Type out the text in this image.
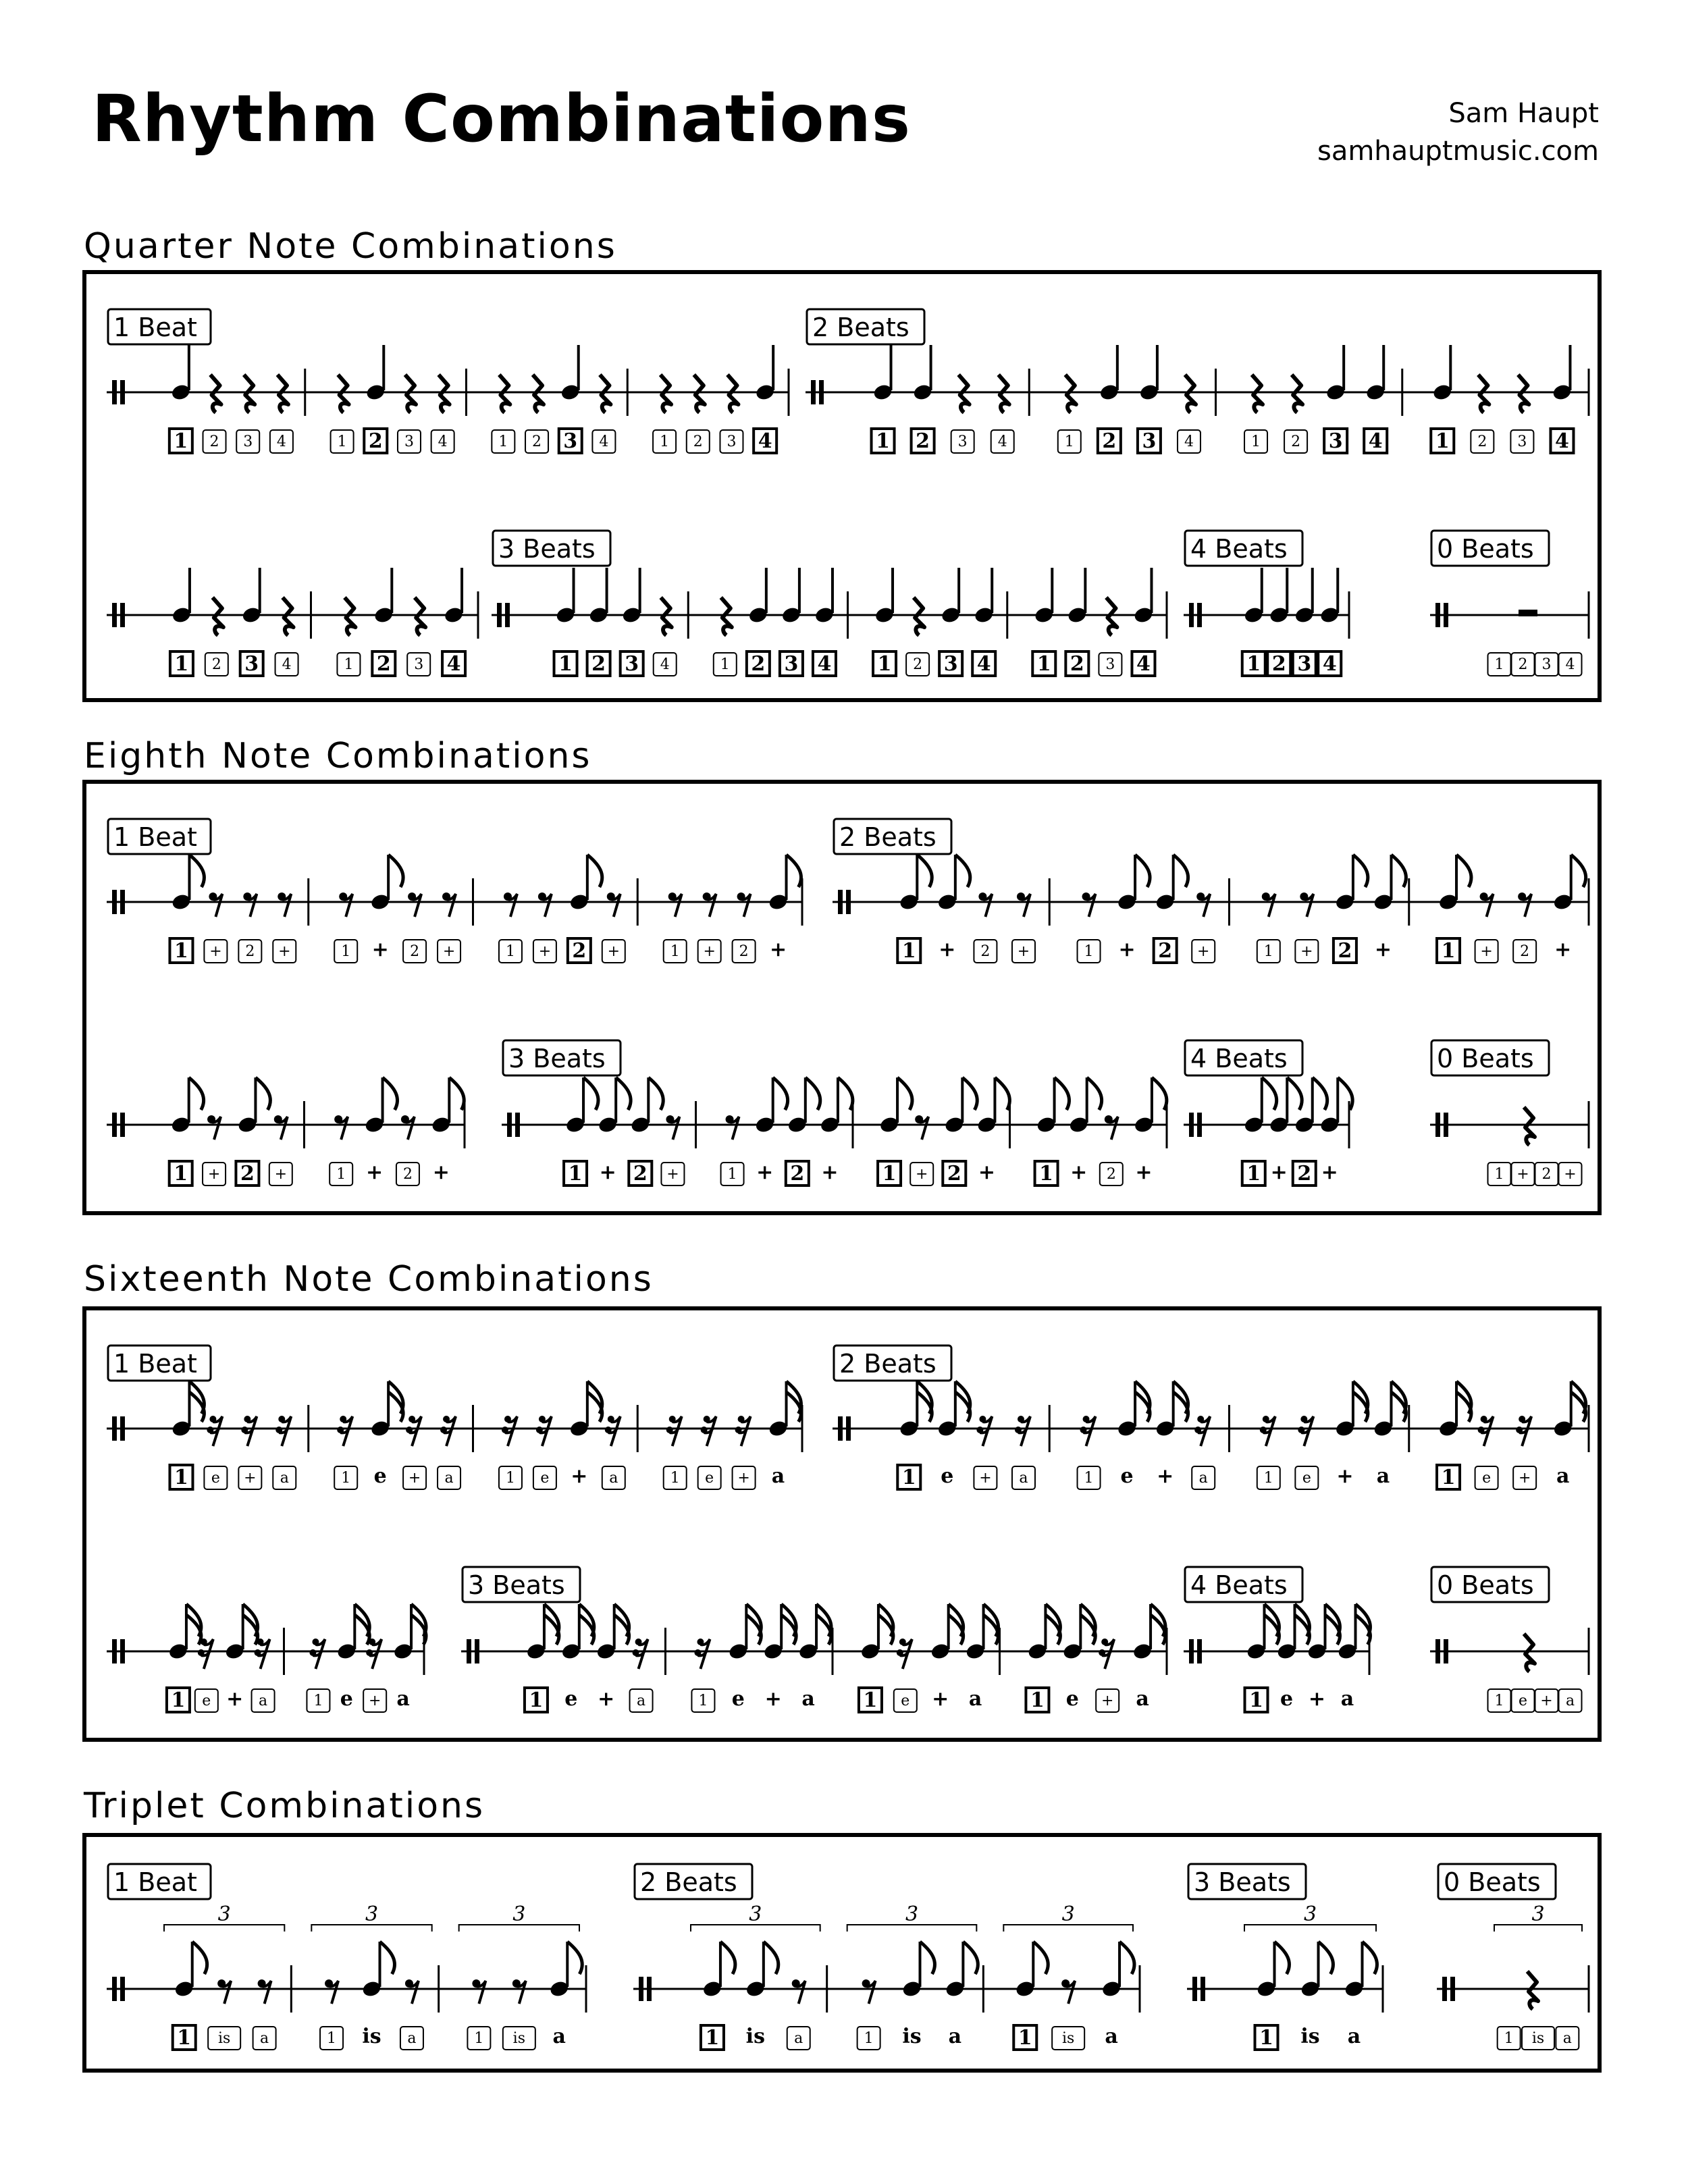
Rhythm Combinations	Sam Haupt
samhauptmusic.com
Quarter Note Combinations
1 Beat
1 2 3 4	1 2 3 4	1 2 3 4	1 2 3 4
2 Beats
1 2 3 4	1 2 3 4	1 2 3 4	1 2 3 4
1 2 3 4	1 2 3 4
3 Beats
1 2 3 4	1 2 3 4 1 2 3 4 1 2 3 4
4 Beats
1 2 3 4
0 Beats
1 2 3 4
Eighth Note Combinations
1 Beat
1 + 2 +	1 + 2 +	1 + 2 +	1 + 2 +
2 Beats
1 + 2 +	1 + 2 +	1 + 2 + 1 + 2 +
1 + 2 +	1 + 2 +
3 Beats
1 + 2 +	1 + 2 + 1 + 2 + 1 + 2 +
4 Beats
1 + 2 +
0 Beats
1 + 2 +
Sixteenth Note Combinations
1 Beat
1 e + a	1 e + a	1 e + a	1 e + a
2 Beats
1 e + a	1 e + a	1 e + a	1 e + a
1 e + a	1 e + a
3 Beats
1 e + a	1 e + a 1 e + a 1 e + a
4 Beats
1 e + a
0 Beats
1 e + a
Triplet Combinations
1 Beat
1 is a
3
1 is a
3
1 is a
3
2 Beats
1 is a
3
1 is a
3
1 is a
3
3 Beats
1 is a
3
0 Beats
1 is a
3
